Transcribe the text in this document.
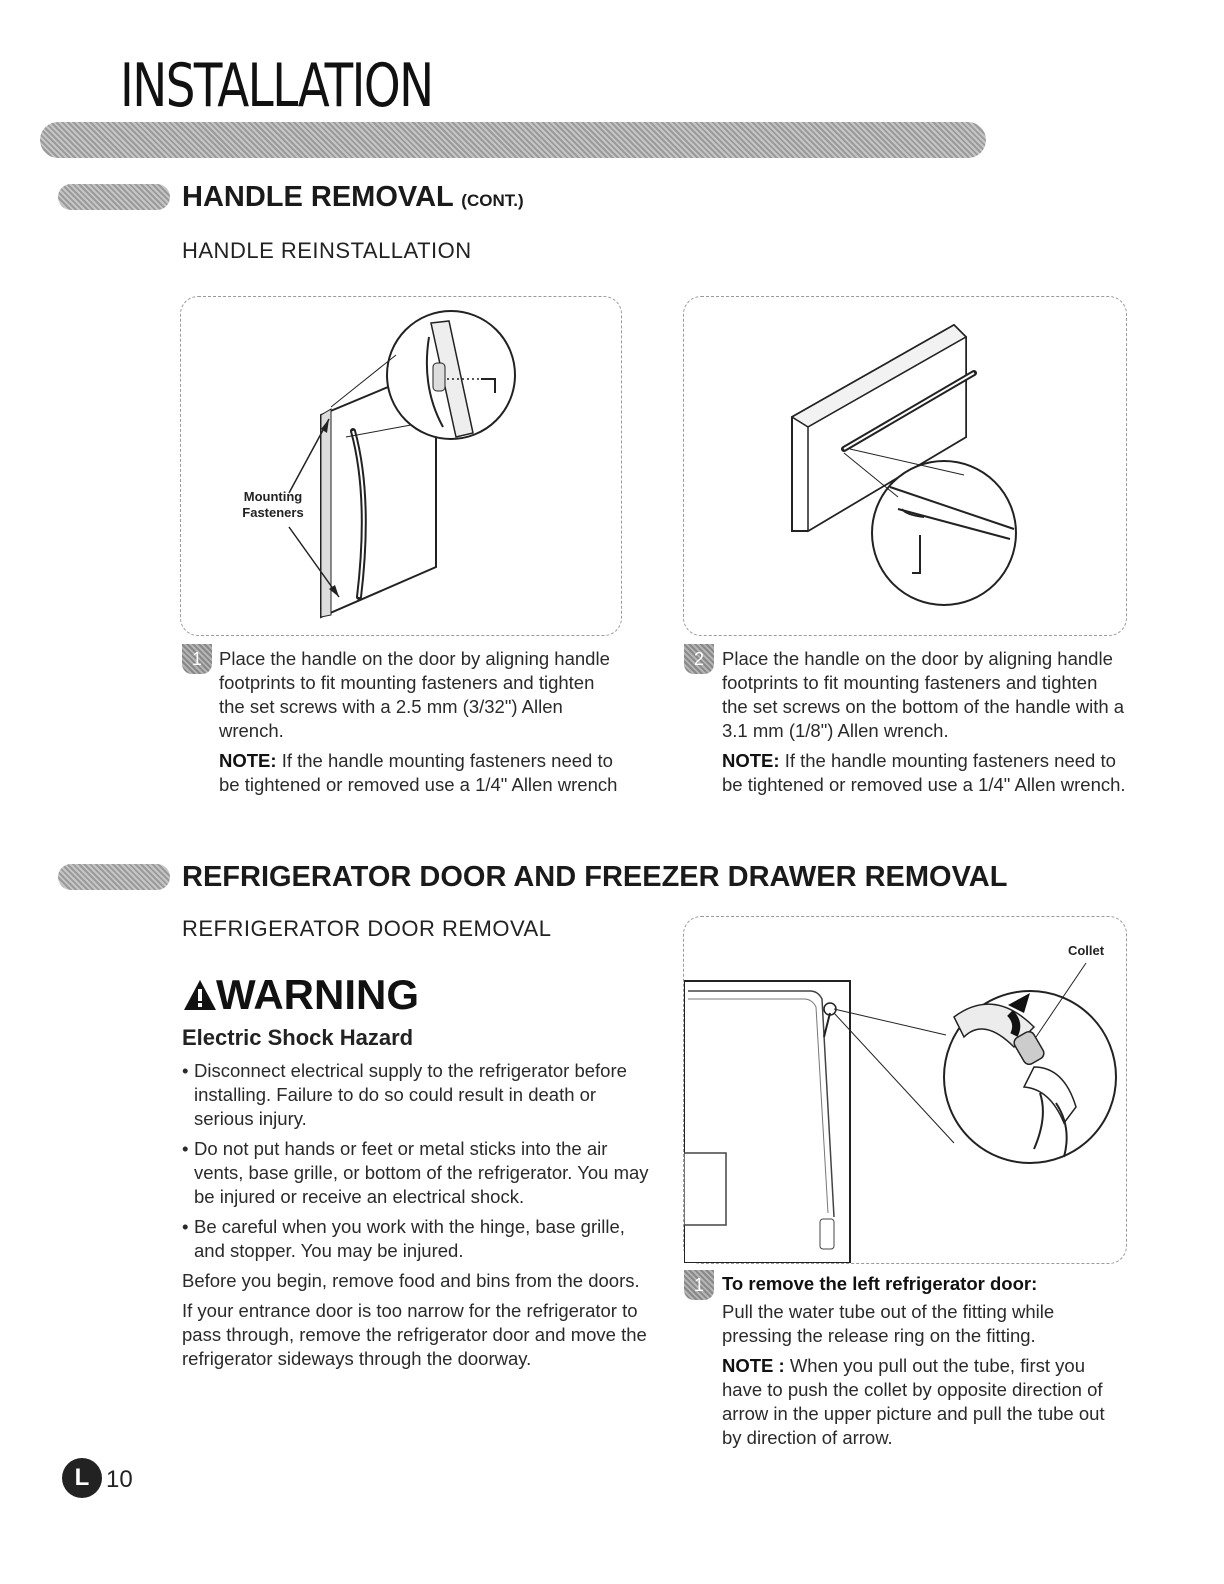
INSTALLATION
HANDLE REMOVAL (CONT.)
HANDLE REINSTALLATION
Mounting Fasteners
1 Place the handle on the door by aligning handle footprints to fit mounting fasteners and tighten the set screws with a 2.5 mm (3/32") Allen wrench.

NOTE: If the handle mounting fasteners need to be tightened or removed use a 1/4" Allen wrench

2 Place the handle on the door by aligning handle footprints to fit mounting fasteners and tighten the set screws on the bottom of the handle with a 3.1 mm (1/8") Allen wrench.

NOTE: If the handle mounting fasteners need to be tightened or removed use a 1/4" Allen wrench.

REFRIGERATOR DOOR AND FREEZER DRAWER REMOVAL
REFRIGERATOR DOOR REMOVAL
WARNING
Electric Shock Hazard
• Disconnect electrical supply to the refrigerator before installing. Failure to do so could result in death or serious injury.
• Do not put hands or feet or metal sticks into the air vents, base grille, or bottom of the refrigerator. You may be injured or receive an electrical shock.
• Be careful when you work with the hinge, base grille, and stopper. You may be injured.

Before you begin, remove food and bins from the doors.

If your entrance door is too narrow for the refrigerator to pass through, remove the refrigerator door and move the refrigerator sideways through the doorway.

Collet
1 To remove the left refrigerator door:

Pull the water tube out of the fitting while pressing the release ring on the fitting.

NOTE : When you pull out the tube, first you have to push the collet by opposite direction of arrow in the upper picture and pull the tube out by direction of arrow.

L 10
